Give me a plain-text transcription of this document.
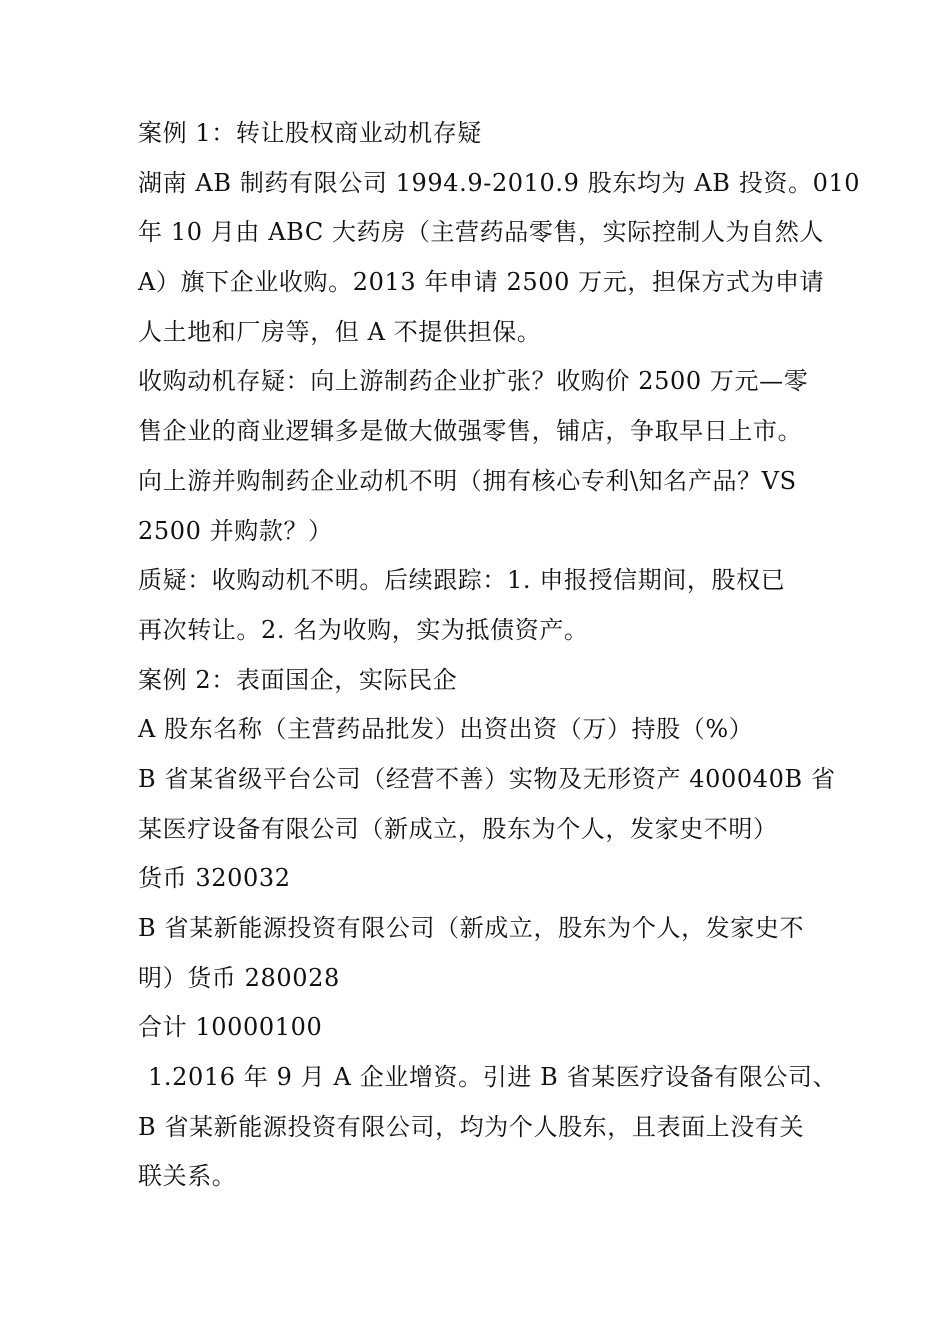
案例 1：转让股权商业动机存疑
湖南 AB 制药有限公司 1994.9-2010.9 股东均为 AB 投资。010
年 10 月由 ABC 大药房（主营药品零售，实际控制人为自然人
A）旗下企业收购。2013 年申请 2500 万元，担保方式为申请
人土地和厂房等，但 A 不提供担保。
收购动机存疑：向上游制药企业扩张？收购价 2500 万元—零
售企业的商业逻辑多是做大做强零售，铺店，争取早日上市。
向上游并购制药企业动机不明（拥有核心专利\知名产品？VS
2500 并购款？）
质疑：收购动机不明。后续跟踪：1. 申报授信期间，股权已
再次转让。2. 名为收购，实为抵债资产。
案例 2：表面国企，实际民企
A 股东名称（主营药品批发）出资出资（万）持股（%）
B 省某省级平台公司（经营不善）实物及无形资产 400040B 省
某医疗设备有限公司（新成立，股东为个人，发家史不明）
货币 320032
B 省某新能源投资有限公司（新成立，股东为个人，发家史不
明）货币 280028
合计 10000100
1.2016 年 9 月 A 企业增资。引进 B 省某医疗设备有限公司、
B 省某新能源投资有限公司，均为个人股东，且表面上没有关
联关系。
